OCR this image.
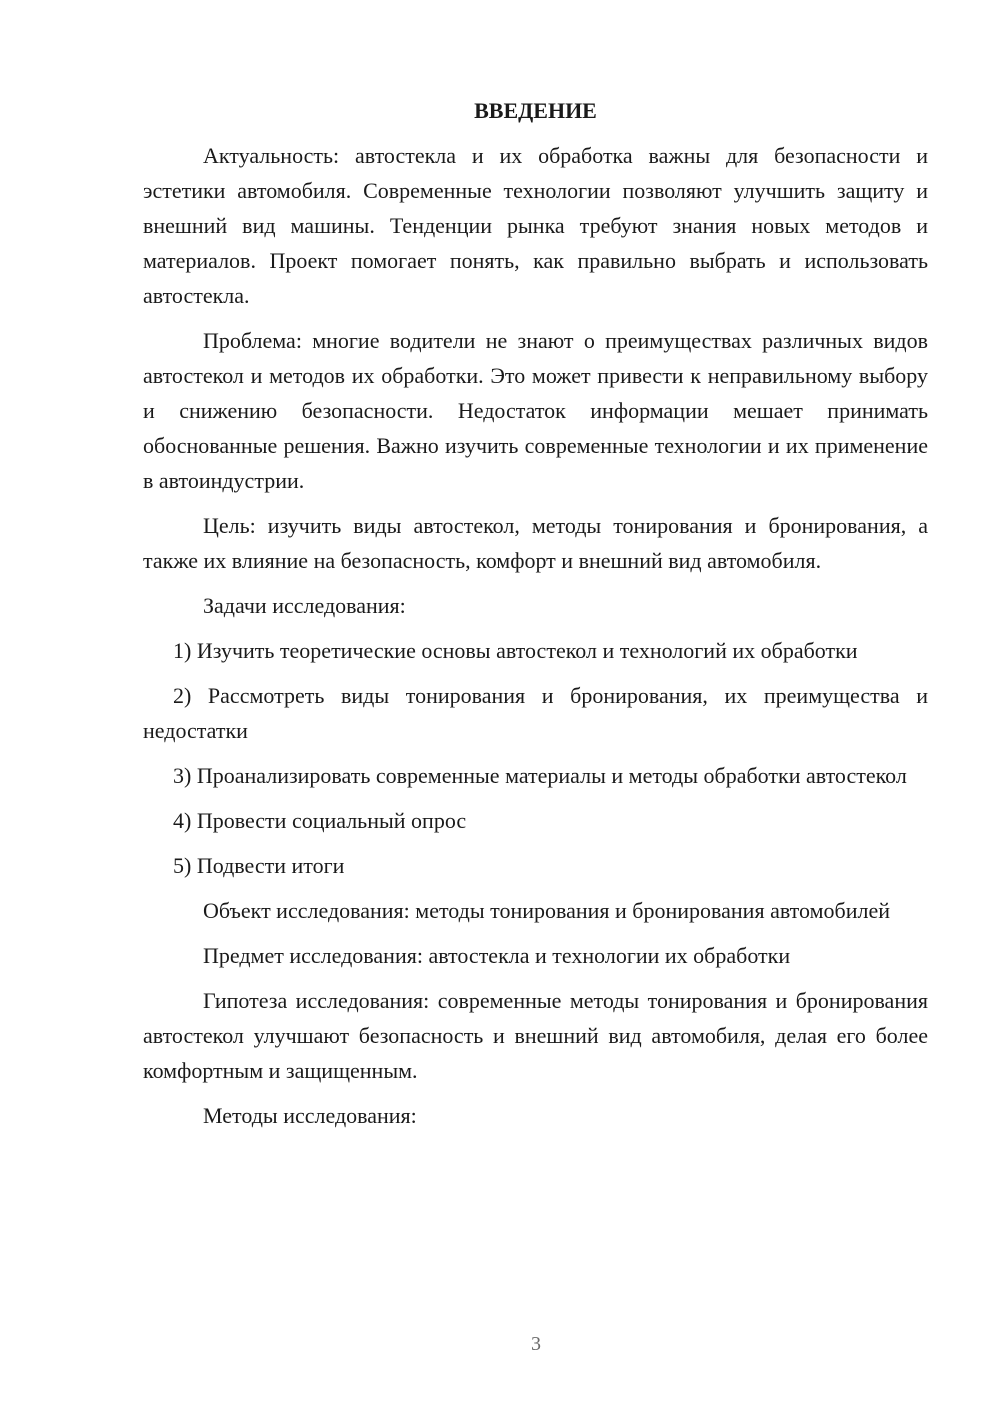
ВВЕДЕНИЕ

Актуальность: автостекла и их обработка важны для безопасности и эстетики автомобиля. Современные технологии позволяют улучшить защиту и внешний вид машины. Тенденции рынка требуют знания новых методов и материалов. Проект помогает понять, как правильно выбрать и использовать автостекла.

Проблема: многие водители не знают о преимуществах различных видов автостекол и методов их обработки. Это может привести к неправильному выбору и снижению безопасности. Недостаток информации мешает принимать обоснованные решения. Важно изучить современные технологии и их применение в автоиндустрии.

Цель: изучить виды автостекол, методы тонирования и бронирования, а также их влияние на безопасность, комфорт и внешний вид автомобиля.

Задачи исследования:

1) Изучить теоретические основы автостекол и технологий их обработки

2) Рассмотреть виды тонирования и бронирования, их преимущества и недостатки

3) Проанализировать современные материалы и методы обработки автостекол

4) Провести социальный опрос

5) Подвести итоги

Объект исследования: методы тонирования и бронирования автомобилей

Предмет исследования: автостекла и технологии их обработки

Гипотеза исследования: современные методы тонирования и бронирования автостекол улучшают безопасность и внешний вид автомобиля, делая его более комфортным и защищенным.

Методы исследования:

3
